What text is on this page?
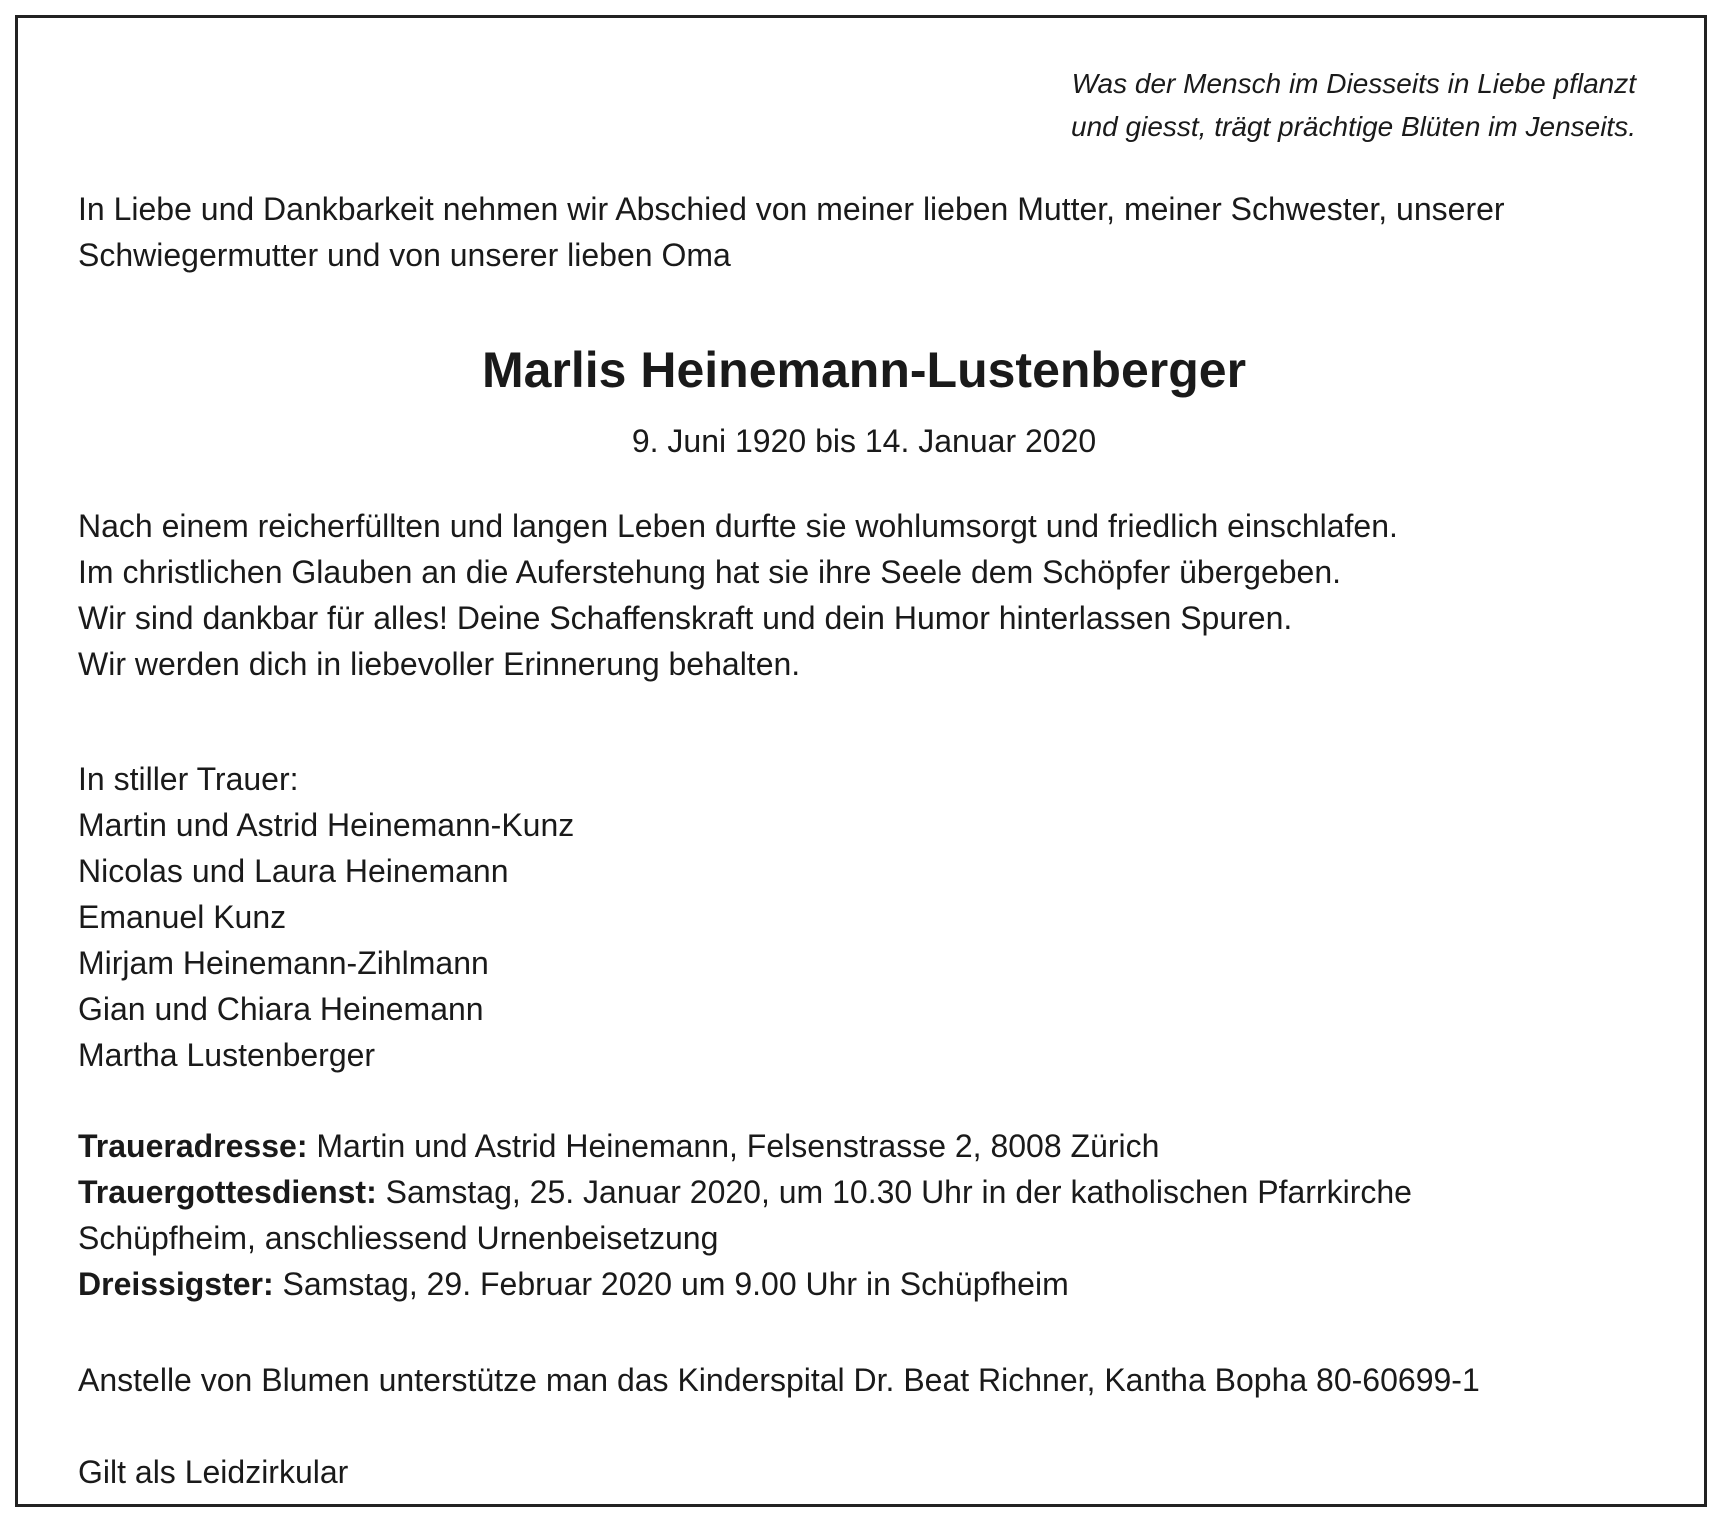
Was der Mensch im Diesseits in Liebe pflanzt
und giesst, trägt prächtige Blüten im Jenseits.
In Liebe und Dankbarkeit nehmen wir Abschied von meiner lieben Mutter, meiner Schwester, unserer
Schwiegermutter und von unserer lieben Oma
Marlis Heinemann-Lustenberger
9. Juni 1920 bis 14. Januar 2020
Nach einem reicherfüllten und langen Leben durfte sie wohlumsorgt und friedlich einschlafen.
Im christlichen Glauben an die Auferstehung hat sie ihre Seele dem Schöpfer übergeben.
Wir sind dankbar für alles! Deine Schaffenskraft und dein Humor hinterlassen Spuren.
Wir werden dich in liebevoller Erinnerung behalten.
In stiller Trauer:
Martin und Astrid Heinemann-Kunz
Nicolas und Laura Heinemann
Emanuel Kunz
Mirjam Heinemann-Zihlmann
Gian und Chiara Heinemann
Martha Lustenberger
Traueradresse: Martin und Astrid Heinemann, Felsenstrasse 2, 8008 Zürich
Trauergottesdienst: Samstag, 25. Januar 2020, um 10.30 Uhr in der katholischen Pfarrkirche
Schüpfheim, anschliessend Urnenbeisetzung
Dreissigster: Samstag, 29. Februar 2020 um 9.00 Uhr in Schüpfheim
Anstelle von Blumen unterstütze man das Kinderspital Dr. Beat Richner, Kantha Bopha 80-60699-1
Gilt als Leidzirkular
